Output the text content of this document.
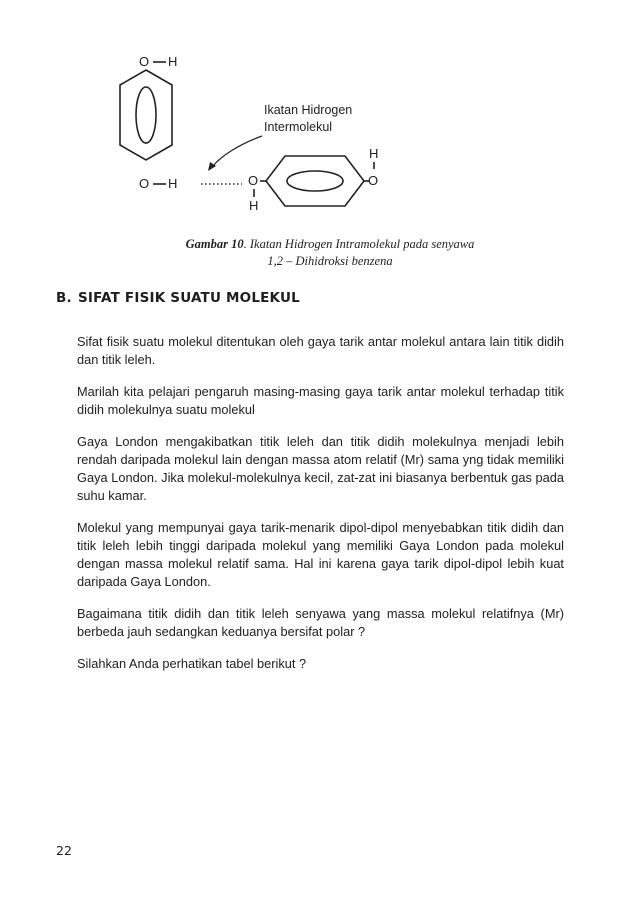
O H
O H	O
H
H
O
Ikatan Hidrogen
Intermolekul
Gambar 10. Ikatan Hidrogen Intramolekul pada senyawa
1,2 – Dihidroksi benzena
B. SIFAT FISIK SUATU MOLEKUL

Sifat fisik suatu molekul ditentukan oleh gaya tarik antar molekul antara lain titik didih dan titik leleh.

Marilah kita pelajari pengaruh masing-masing gaya tarik antar molekul terhadap titik didih molekulnya suatu molekul

Gaya London mengakibatkan titik leleh dan titik didih molekulnya menjadi lebih rendah daripada molekul lain dengan massa atom relatif (Mr) sama yng tidak memiliki Gaya London. Jika molekul-molekulnya kecil, zat-zat ini biasanya berbentuk gas pada suhu kamar.

Molekul yang mempunyai gaya tarik-menarik dipol-dipol menyebabkan titik didih dan titik leleh lebih tinggi daripada molekul yang memiliki Gaya London pada molekul dengan massa molekul relatif sama. Hal ini karena gaya tarik dipol-dipol lebih kuat daripada Gaya London.

Bagaimana titik didih dan titik leleh senyawa yang massa molekul relatifnya (Mr) berbeda jauh sedangkan keduanya bersifat polar ?

Silahkan Anda perhatikan tabel berikut ?

22
